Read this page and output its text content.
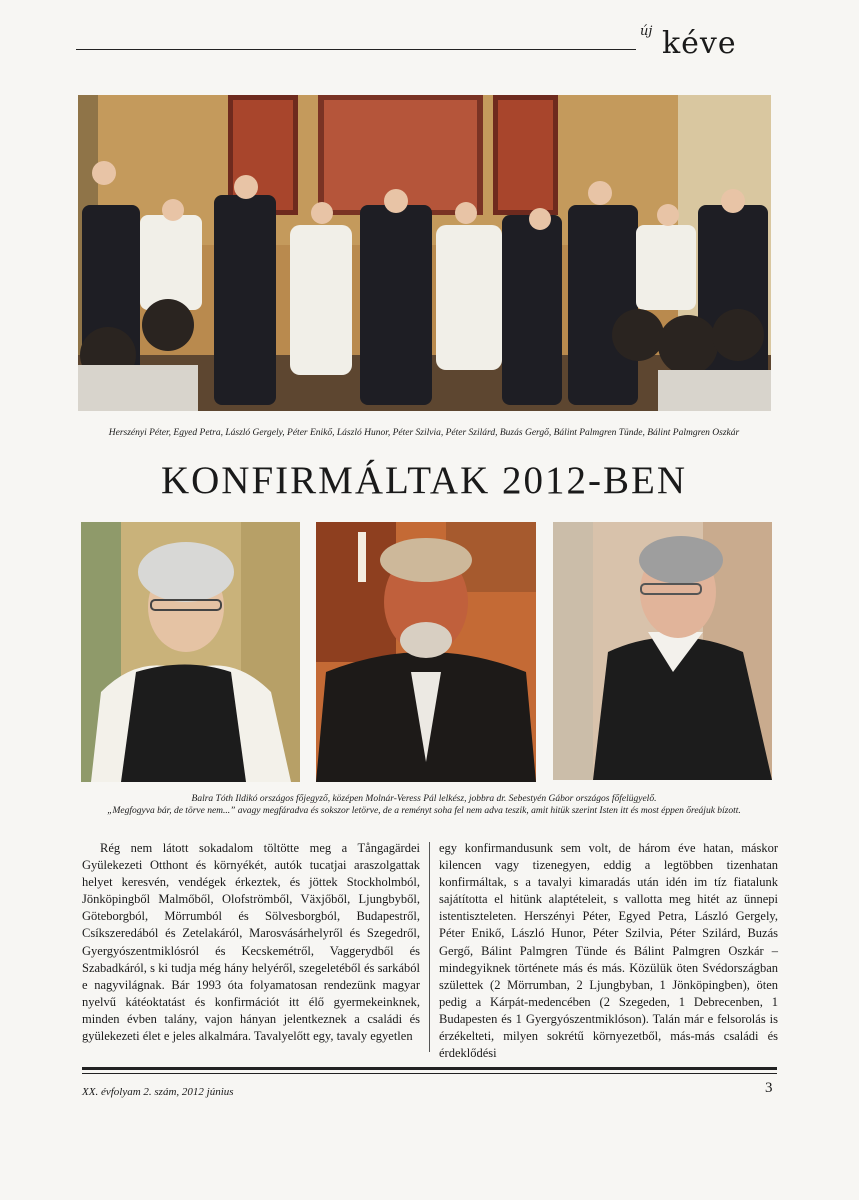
új kéve
Herszényi Péter, Egyed Petra, László Gergely, Péter Enikő, László Hunor, Péter Szilvia, Péter Szilárd, Buzás Gergő, Bálint Palmgren Tünde, Bálint Palmgren Oszkár
KONFIRMÁLTAK 2012-BEN
Balra Tóth Ildikó országos főjegyző, középen Molnár-Veress Pál lelkész, jobbra dr. Sebestyén Gábor országos főfelügyelő.
„Megfogyva bár, de törve nem...” avagy megfáradva és sokszor letörve, de a reményt soha fel nem adva teszik, amit hitük szerint Isten itt és most éppen őreájuk bízott.
Rég nem látott sokadalom töltötte meg a Tångagärdei Gyülekezeti Otthont és környékét, autók tucatjai araszolgattak helyet keresvén, vendégek érkeztek, és jöttek Stockholmból, Jönköpingből Malmőből, Olofströmből, Växjőből, Ljungbyből, Göteborgból, Mörrumból és Sölvesborgból, Budapestről, Csíkszeredából és Zetelakáról, Marosvásárhelyről és Szegedről, Gyergyószentmiklósról és Kecskemétről, Vaggerydből és Szabadkáról, s ki tudja még hány helyéről, szegeletéből és sarkából e nagyvilágnak. Bár 1993 óta folyamatosan rendezünk magyar nyelvű kátéoktatást és konfirmációt itt élő gyermekeinknek, minden évben talány, vajon hányan jelentkeznek a családi és gyülekezeti élet e jeles alkalmára. Tavalyelőtt egy, tavaly egyetlen
egy konfirmandusunk sem volt, de három éve hatan, máskor kilencen vagy tizenegyen, eddig a legtöbben tizenhatan konfirmáltak, s a tavalyi kimaradás után idén im tíz fiatalunk sajátította el hitünk alaptételeit, s vallotta meg hitét az ünnepi istentiszteleten. Herszényi Péter, Egyed Petra, László Gergely, Péter Enikő, László Hunor, Péter Szilvia, Péter Szilárd, Buzás Gergő, Bálint Palmgren Tünde és Bálint Palmgren Oszkár – mindegyiknek története más és más. Közülük öten Svédországban születtek (2 Mörrumban, 2 Ljungbyban, 1 Jönköpingben), öten pedig a Kárpát-medencében (2 Szegeden, 1 Debrecenben, 1 Budapesten és 1 Gyergyószentmiklóson). Talán már e felsorolás is érzékelteti, milyen sokrétű környezetből, más-más családi és érdeklődési
XX. évfolyam 2. szám, 2012 június	3
